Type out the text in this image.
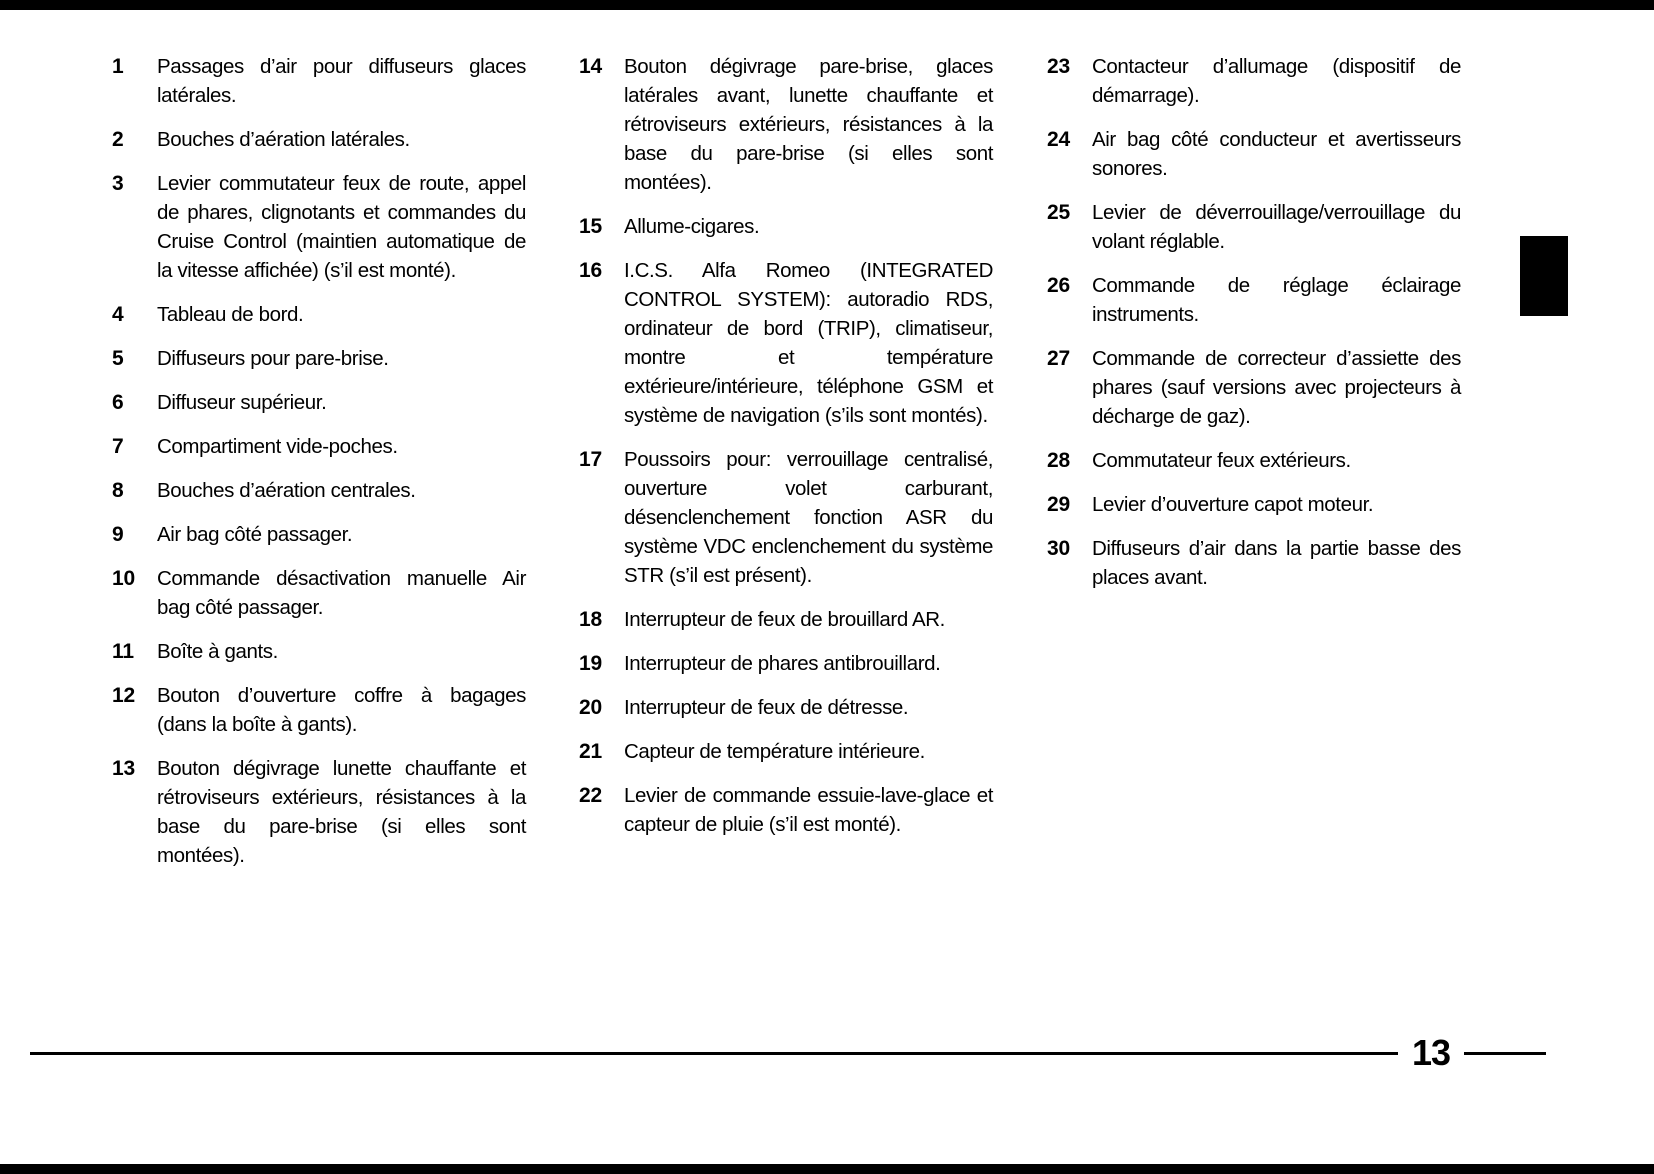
1	Passages d’air pour diffuseurs glaces latérales.
2	Bouches d’aération latérales.
3	Levier commutateur feux de route, appel de phares, clignotants et commandes du Cruise Control (maintien automatique de la vitesse affichée) (s’il est monté).
4	Tableau de bord.
5	Diffuseurs pour pare-brise.
6	Diffuseur supérieur.
7	Compartiment vide-poches.
8	Bouches d’aération centrales.
9	Air bag côté passager.
10	Commande désactivation manuelle Air bag côté passager.
11	Boîte à gants.
12	Bouton d’ouverture coffre à bagages (dans la boîte à gants).
13	Bouton dégivrage lunette chauffante et rétroviseurs extérieurs, résistances à la base du pare-brise (si elles sont montées).
14	Bouton dégivrage pare-brise, glaces latérales avant, lunette chauffante et rétroviseurs extérieurs, résistances à la base du pare-brise (si elles sont montées).
15	Allume-cigares.
16	I.C.S. Alfa Romeo (INTEGRATED CONTROL SYSTEM): autoradio RDS, ordinateur de bord (TRIP), climatiseur, montre et température extérieure/intérieure, téléphone GSM et système de navigation (s’ils sont montés).
17	Poussoirs pour: verrouillage centralisé, ouverture volet carburant, désenclenchement fonction ASR du système VDC enclenchement du système STR (s’il est présent).
18	Interrupteur de feux de brouillard AR.
19	Interrupteur de phares antibrouillard.
20	Interrupteur de feux de détresse.
21	Capteur de température intérieure.
22	Levier de commande essuie-lave-glace et capteur de pluie (s’il est monté).
23	Contacteur d’allumage (dispositif de démarrage).
24	Air bag côté conducteur et avertisseurs sonores.
25	Levier de déverrouillage/verrouillage du volant réglable.
26	Commande de réglage éclairage instruments.
27	Commande de correcteur d’assiette des phares (sauf versions avec projecteurs à décharge de gaz).
28	Commutateur feux extérieurs.
29	Levier d’ouverture capot moteur.
30	Diffuseurs d’air dans la partie basse des places avant.
13
